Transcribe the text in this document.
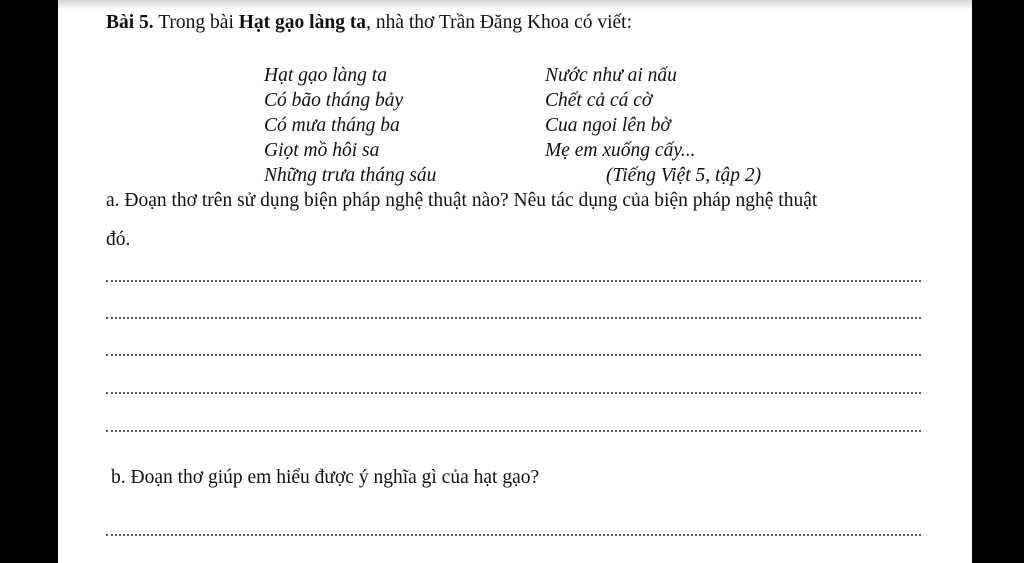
Bài 5. Trong bài Hạt gạo làng ta, nhà thơ Trần Đăng Khoa có viết:
Hạt gạo làng ta
Có bão tháng bảy
Có mưa tháng ba
Giọt mồ hôi sa
Những trưa tháng sáu
Nước như ai nấu
Chết cả cá cờ
Cua ngoi lên bờ
Mẹ em xuống cấy...
(Tiếng Việt 5, tập 2)
a. Đoạn thơ trên sử dụng biện pháp nghệ thuật nào? Nêu tác dụng của biện pháp nghệ thuật
đó.
b. Đoạn thơ giúp em hiểu được ý nghĩa gì của hạt gạo?
